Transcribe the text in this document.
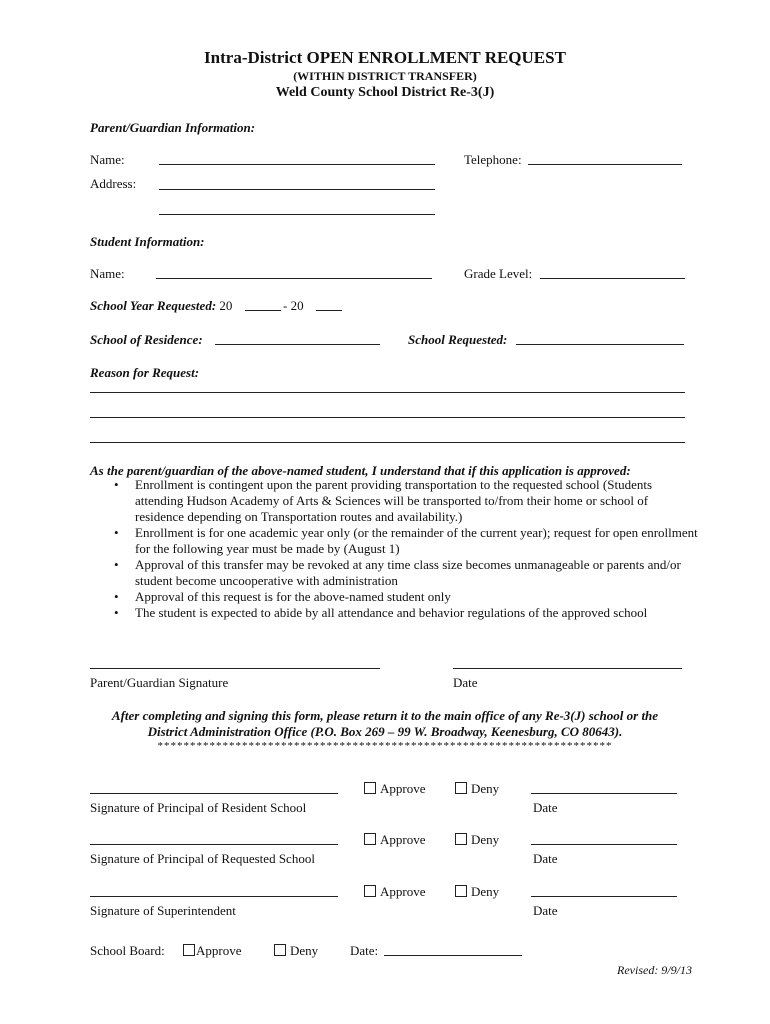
Intra-District OPEN ENROLLMENT REQUEST
(WITHIN DISTRICT TRANSFER)
Weld County School District Re-3(J)
Parent/Guardian Information:
Name:	Telephone:
Address:
Student Information:
Name:	Grade Level:
School Year Requested: 20	- 20
School of Residence:	School Requested:
Reason for Request:
As the parent/guardian of the above-named student, I understand that if this application is approved:
• Enrollment is contingent upon the parent providing transportation to the requested school (Students attending Hudson Academy of Arts & Sciences will be transported to/from their home or school of residence depending on Transportation routes and availability.)
• Enrollment is for one academic year only (or the remainder of the current year); request for open enrollment for the following year must be made by (August 1)
• Approval of this transfer may be revoked at any time class size becomes unmanageable or parents and/or student become uncooperative with administration
• Approval of this request is for the above-named student only
• The student is expected to abide by all attendance and behavior regulations of the approved school
Parent/Guardian Signature	Date
After completing and signing this form, please return it to the main office of any Re-3(J) school or the
District Administration Office (P.O. Box 269 – 99 W. Broadway, Keenesburg, CO 80643).
**********************************************************************
Approve	Deny
Signature of Principal of Resident School	Date
Approve	Deny
Signature of Principal of Requested School	Date
Approve	Deny
Signature of Superintendent	Date
School Board:	Approve	Deny Date:
Revised: 9/9/13
